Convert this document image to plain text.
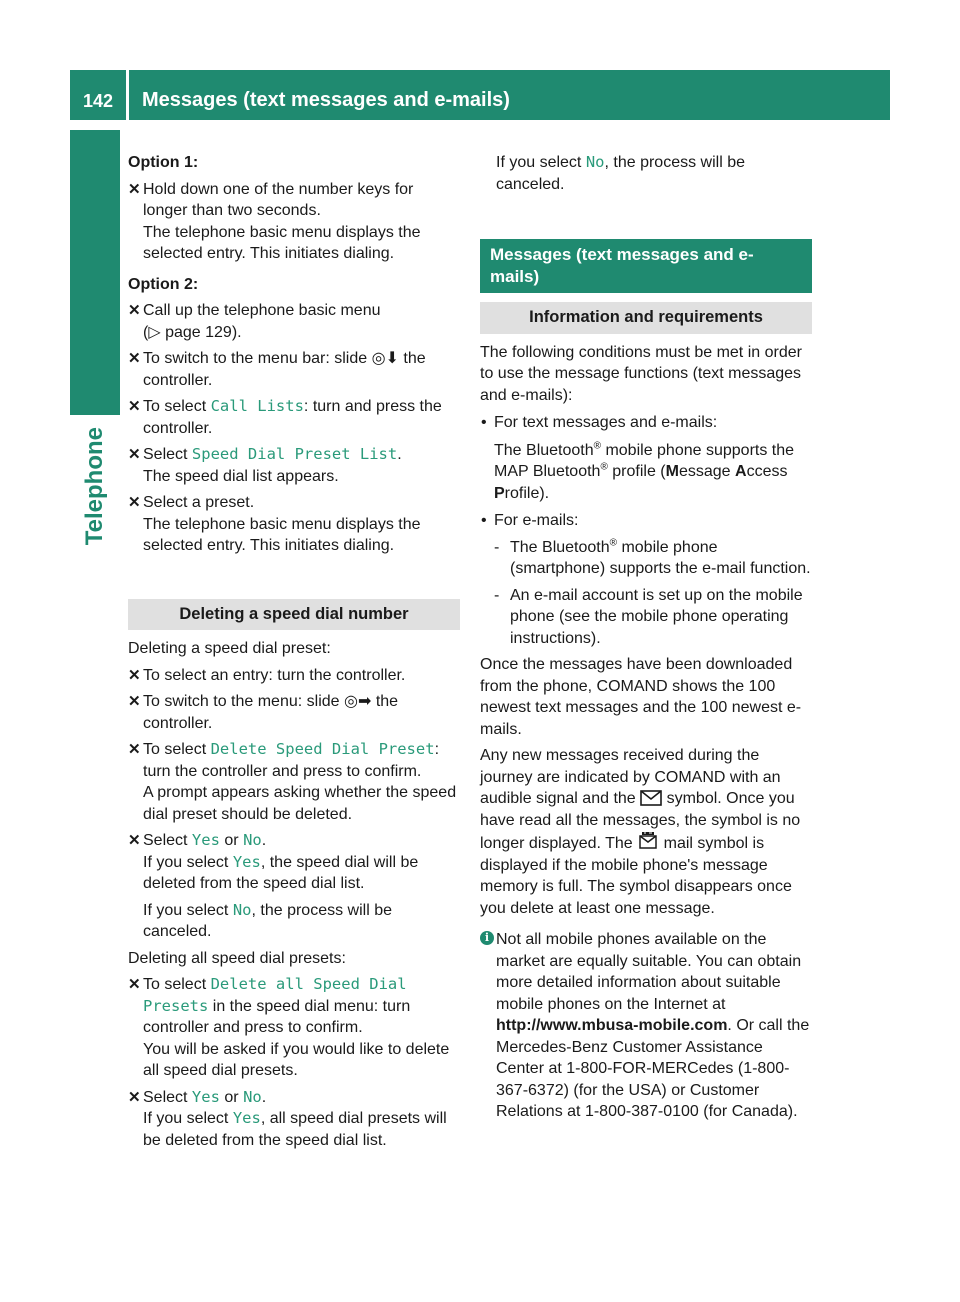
142 Messages (text messages and e-mails)
Telephone

Option 1:

✕ Hold down one of the number keys for longer than two seconds.
The telephone basic menu displays the selected entry. This initiates dialing.

Option 2:

✕ Call up the telephone basic menu
(▷ page 129).
✕ To switch to the menu bar: slide ◎⬇ the controller.
✕ To select Call Lists: turn and press the controller.
✕ Select Speed Dial Preset List.
The speed dial list appears.
✕ Select a preset.
The telephone basic menu displays the selected entry. This initiates dialing.
Deleting a speed dial number

Deleting a speed dial preset:

✕ To select an entry: turn the controller.
✕ To switch to the menu: slide ◎➡ the controller.
✕ To select Delete Speed Dial Preset:
turn the controller and press to confirm.
A prompt appears asking whether the speed dial preset should be deleted.
✕ Select Yes or No.
If you select Yes, the speed dial will be deleted from the speed dial list.

If you select No, the process will be canceled.

Deleting all speed dial presets:

✕ To select Delete all Speed Dial
Presets in the speed dial menu: turn controller and press to confirm.
You will be asked if you would like to delete all speed dial presets.
✕ Select Yes or No.
If you select Yes, all speed dial presets will be deleted from the speed dial list.
If you select No, the process will be canceled.
Messages (text messages and e-mails)
Information and requirements

The following conditions must be met in order to use the message functions (text messages and e-mails):

• For text messages and e-mails:
The Bluetooth® mobile phone supports the MAP Bluetooth® profile (Message Access Profile).
• For e-mails:
- The Bluetooth® mobile phone (smartphone) supports the e-mail function.
- An e-mail account is set up on the mobile phone (see the mobile phone operating instructions).

Once the messages have been downloaded from the phone, COMAND shows the 100 newest text messages and the 100 newest e-mails.

Any new messages received during the journey are indicated by COMAND with an audible signal and the symbol. Once you have read all the messages, the symbol is no longer displayed. The mail symbol is displayed if the mobile phone's message memory is full. The symbol disappears once you delete at least one message.

i Not all mobile phones available on the market are equally suitable. You can obtain more detailed information about suitable mobile phones on the Internet at http://www.mbusa-mobile.com. Or call the Mercedes-Benz Customer Assistance Center at 1-800-FOR-MERCedes (1-800-367-6372) (for the USA) or Customer Relations at 1-800-387-0100 (for Canada).
